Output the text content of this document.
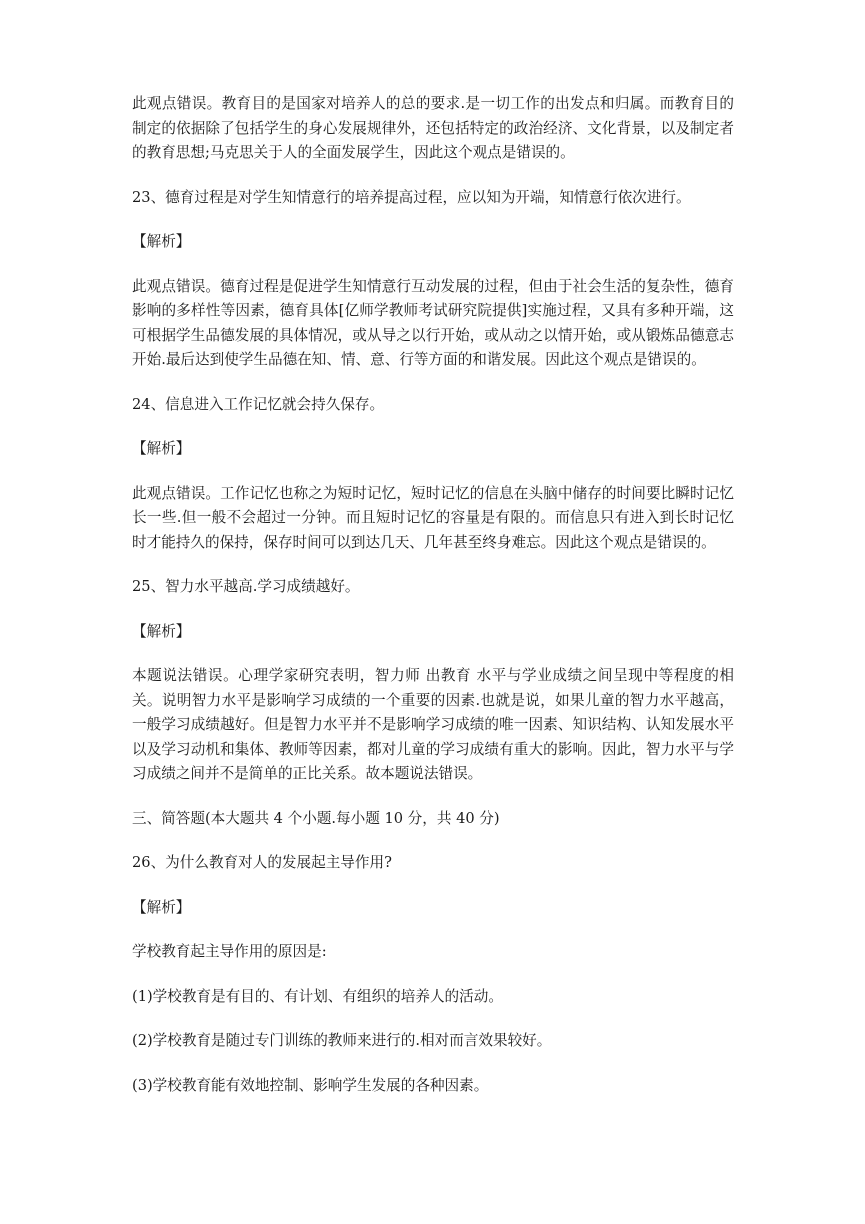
此观点错误。教育目的是国家对培养人的总的要求.是一切工作的出发点和归属。而教育目的制定的依据除了包括学生的身心发展规律外，还包括特定的政治经济、文化背景，以及制定者的教育思想;马克思关于人的全面发展学生，因此这个观点是错误的。

23、德育过程是对学生知情意行的培养提高过程，应以知为开端，知情意行依次进行。

【解析】

此观点错误。德育过程是促进学生知情意行互动发展的过程，但由于社会生活的复杂性，德育影响的多样性等因素，德育具体[亿师学教师考试研究院提供]实施过程，又具有多种开端，这可根据学生品德发展的具体情况，或从导之以行开始，或从动之以情开始，或从锻炼品德意志开始.最后达到使学生品德在知、情、意、行等方面的和谐发展。因此这个观点是错误的。

24、信息进入工作记忆就会持久保存。

【解析】

此观点错误。工作记忆也称之为短时记忆，短时记忆的信息在头脑中储存的时间要比瞬时记忆长一些.但一般不会超过一分钟。而且短时记忆的容量是有限的。而信息只有进入到长时记忆时才能持久的保持，保存时间可以到达几天、几年甚至终身难忘。因此这个观点是错误的。

25、智力水平越高.学习成绩越好。

【解析】

本题说法错误。心理学家研究表明，智力师 出教育 水平与学业成绩之间呈现中等程度的相关。说明智力水平是影响学习成绩的一个重要的因素.也就是说，如果儿童的智力水平越高，一般学习成绩越好。但是智力水平并不是影响学习成绩的唯一因素、知识结构、认知发展水平以及学习动机和集体、教师等因素，都对儿童的学习成绩有重大的影响。因此，智力水平与学习成绩之间并不是简单的正比关系。故本题说法错误。

三、简答题(本大题共 4 个小题.每小题 10 分，共 40 分)

26、为什么教育对人的发展起主导作用?

【解析】

学校教育起主导作用的原因是:

(1)学校教育是有目的、有计划、有组织的培养人的活动。

(2)学校教育是随过专门训练的教师来进行的.相对而言效果较好。

(3)学校教育能有效地控制、影响学生发展的各种因素。
